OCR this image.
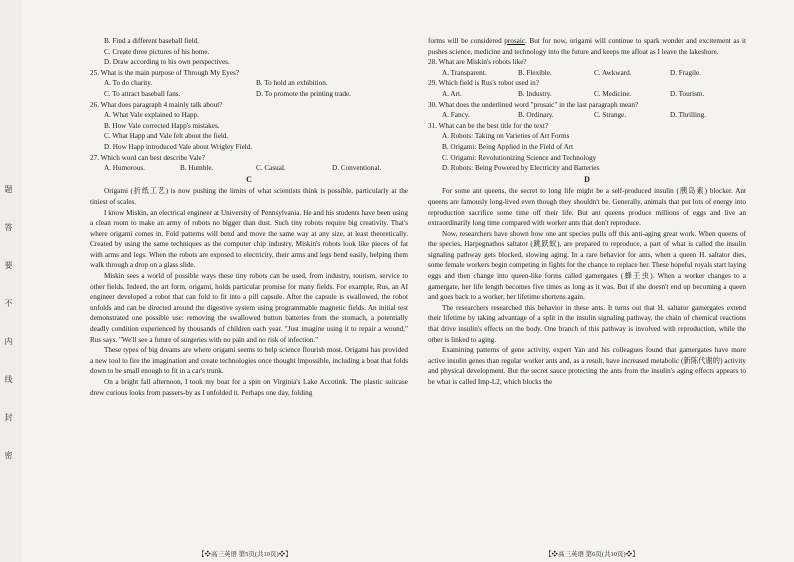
题 答 要 不 内 线 封 密
B. Find a different baseball field.
C. Create three pictures of his home.
D. Draw according to his own perspectives.
25. What is the main purpose of Through My Eyes?
A. To do charity.	B. To hold an exhibition.
C. To attract baseball fans.	D. To promote the printing trade.
26. What does paragraph 4 mainly talk about?
A. What Vale explained to Happ.
B. How Vale corrected Happ's mistakes.
C. What Happ and Vale felt about the field.
D. How Happ introduced Vale about Wrigley Field.
27. Which word can best describe Vale?
A. Humorous.	B. Humble.	C. Casual.	D. Conventional.
C
Origami (折纸工艺) is now pushing the limits of what scientists think is possible, particularly at the tiniest of scales.
I know Miskin, an electrical engineer at University of Pennsylvania. He and his students have been using a clean room to make an army of robots no bigger than dust. Such tiny robots require big creativity. That's where origami comes in. Fold patterns will bend and move the same way at any size, at least theoretically. Created by using the same techniques as the computer chip industry, Miskin's robots look like pieces of fat with arms and legs. When the robots are exposed to electricity, their arms and legs bend easily, helping them walk through a drop on a glass slide.
Miskin sees a world of possible ways these tiny robots can be used, from industry, tourism, service to other fields. Indeed, the art form, origami, holds particular promise for many fields. For example, Rus, an AI engineer developed a robot that can fold to fit into a pill capsule. After the capsule is swallowed, the robot unfolds and can be directed around the digestive system using programmable magnetic fields. An initial test demonstrated one possible use: removing the swallowed button batteries from the stomach, a potentially deadly condition experienced by thousands of children each year. "Just imagine using it to repair a wound," Rus says. "We'll see a future of surgeries with no pain and no risk of infection."
These types of big dreams are where origami seems to help science flourish most. Origami has provided a new tool to fire the imagination and create technologies once thought impossible, including a boat that folds down to be small enough to fit in a car's trunk.
On a bright fall afternoon, I took my boat for a spin on Virginia's Lake Accotink. The plastic suitcase drew curious looks from passers-by as I unfolded it. Perhaps one day, folding
【❖高三英语 第5页(共10页)❖】
forms will be considered prosaic. But for now, origami will continue to spark wonder and excitement as it pushes science, medicine and technology into the future and keeps me afloat as I leave the lakeshore.
28. What are Miskin's robots like?
A. Transparent.	B. Flexible.	C. Awkward.	D. Fragile.
29. Which field is Rus's robot used in?
A. Art.	B. Industry.	C. Medicine.	D. Tourism.
30. What does the underlined word "prosaic" in the last paragraph mean?
A. Fancy.	B. Ordinary.	C. Strange.	D. Thrilling.
31. What can be the best title for the text?
A. Robots: Taking on Varieties of Art Forms
B. Origami: Being Applied in the Field of Art
C. Origami: Revolutionizing Science and Technology
D. Robots: Being Powered by Electricity and Batteries
D
For some ant queens, the secret to long life might be a self-produced insulin (胰岛素) blocker. Ant queens are famously long-lived even though they shouldn't be. Generally, animals that put lots of energy into reproduction sacrifice some time off their life. But ant queens produce millions of eggs and live an extraordinarily long time compared with worker ants that don't reproduce.
Now, researchers have shown how one ant species pulls off this anti-aging great work. When queens of the species, Harpegnathos saltator (跳跃蚁), are prepared to reproduce, a part of what is called the insulin signaling pathway gets blocked, slowing aging. In a rare behavior for ants, when a queen H. saltator dies, some female workers begin competing in fights for the chance to replace her. These hopeful royals start laying eggs and then change into queen-like forms called gamergates (蜂王虫). When a worker changes to a gamergate, her life length becomes five times as long as it was. But if she doesn't end up becoming a queen and goes back to a worker, her lifetime shortens again.
The researchers researched this behavior in these ants. It turns out that H. saltator gamergates extend their lifetime by taking advantage of a split in the insulin signaling pathway, the chain of chemical reactions that drive insulin's effects on the body. One branch of this pathway is involved with reproduction, while the other is linked to aging.
Examining patterns of gene activity, expert Yan and his colleagues found that gamergates have more active insulin genes than regular worker ants and, as a result, have increased metabolic (新陈代谢的) activity and physical development. But the secret sauce protecting the ants from the insulin's aging effects appears to be what is called Imp-L2, which blocks the
【❖高三英语 第6页(共10页)❖】
